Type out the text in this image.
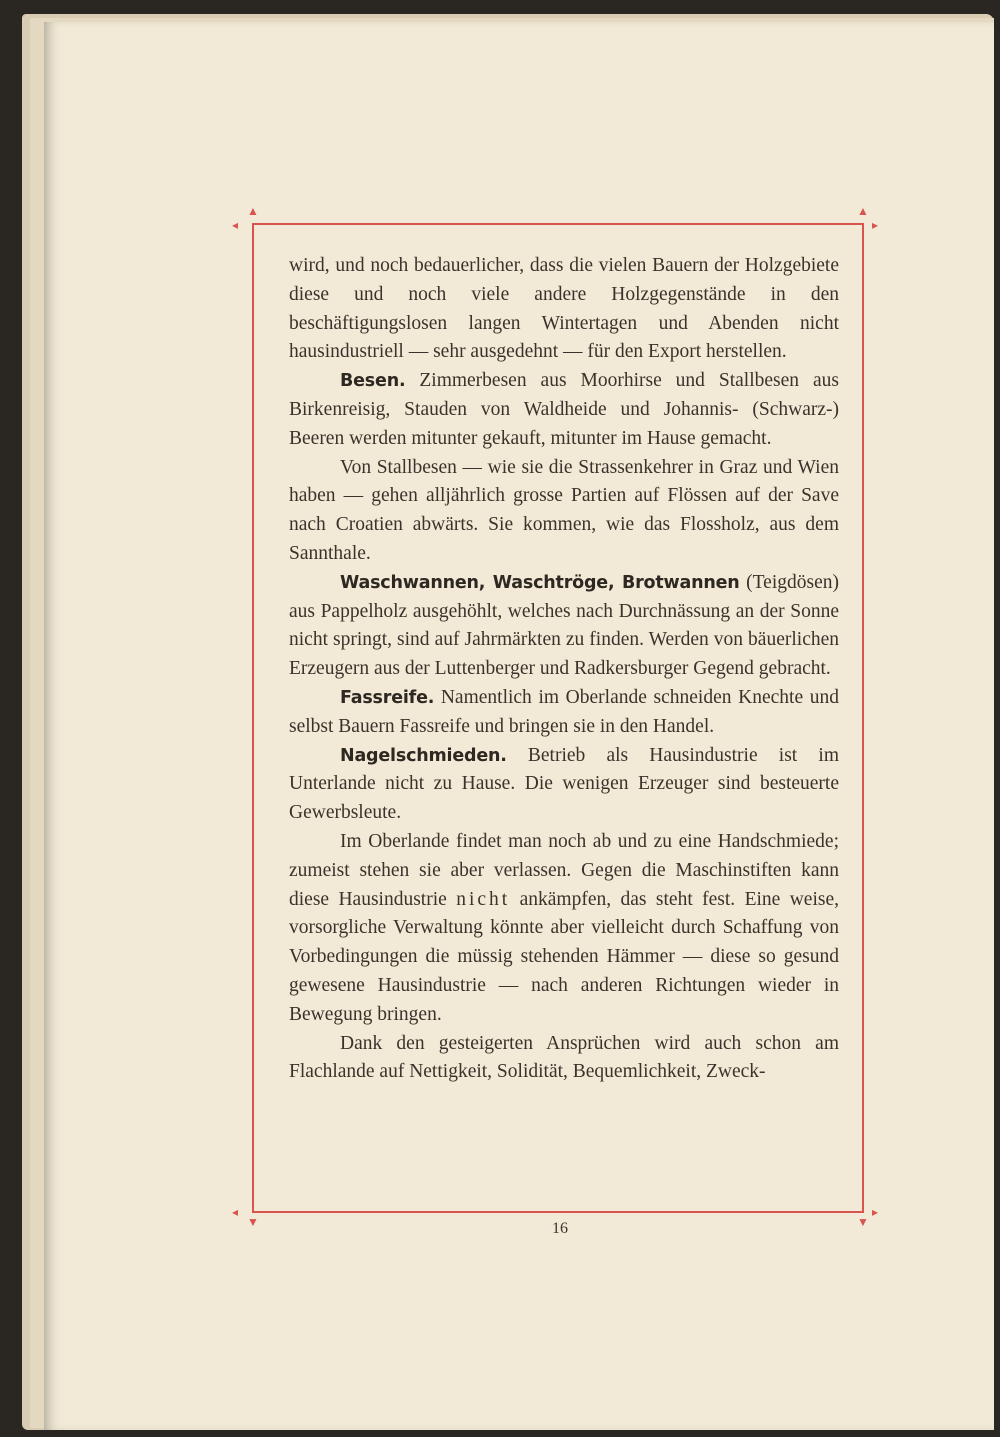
▲
◂
▲
▸
▼
◂
▼
▸

wird, und noch bedauerlicher, dass die vielen Bauern der Holzgebiete diese und noch viele andere Holzgegenstände in den beschäftigungslosen langen Wintertagen und Abenden nicht hausindustriell — sehr ausgedehnt — für den Export herstellen.

Besen. Zimmerbesen aus Moorhirse und Stallbesen aus Birkenreisig, Stauden von Waldheide und Johannis- (Schwarz-) Beeren werden mitunter gekauft, mitunter im Hause gemacht.

Von Stallbesen — wie sie die Strassenkehrer in Graz und Wien haben — gehen alljährlich grosse Partien auf Flössen auf der Save nach Croatien abwärts. Sie kommen, wie das Flossholz, aus dem Sannthale.

Waschwannen, Waschtröge, Brotwannen (Teigdösen) aus Pappelholz ausgehöhlt, welches nach Durchnässung an der Sonne nicht springt, sind auf Jahrmärkten zu finden. Werden von bäuerlichen Erzeugern aus der Luttenberger und Radkersburger Gegend gebracht.

Fassreife. Namentlich im Oberlande schneiden Knechte und selbst Bauern Fassreife und bringen sie in den Handel.

Nagelschmieden. Betrieb als Hausindustrie ist im Unterlande nicht zu Hause. Die wenigen Erzeuger sind besteuerte Gewerbsleute.

Im Oberlande findet man noch ab und zu eine Handschmiede; zumeist stehen sie aber verlassen. Gegen die Maschinstiften kann diese Hausindustrie nicht ankämpfen, das steht fest. Eine weise, vorsorgliche Verwaltung könnte aber vielleicht durch Schaffung von Vorbedingungen die müssig stehenden Hämmer — diese so gesund gewesene Hausindustrie — nach anderen Richtungen wieder in Bewegung bringen.

Dank den gesteigerten Ansprüchen wird auch schon am Flachlande auf Nettigkeit, Solidität, Bequemlichkeit, Zweck-

16
